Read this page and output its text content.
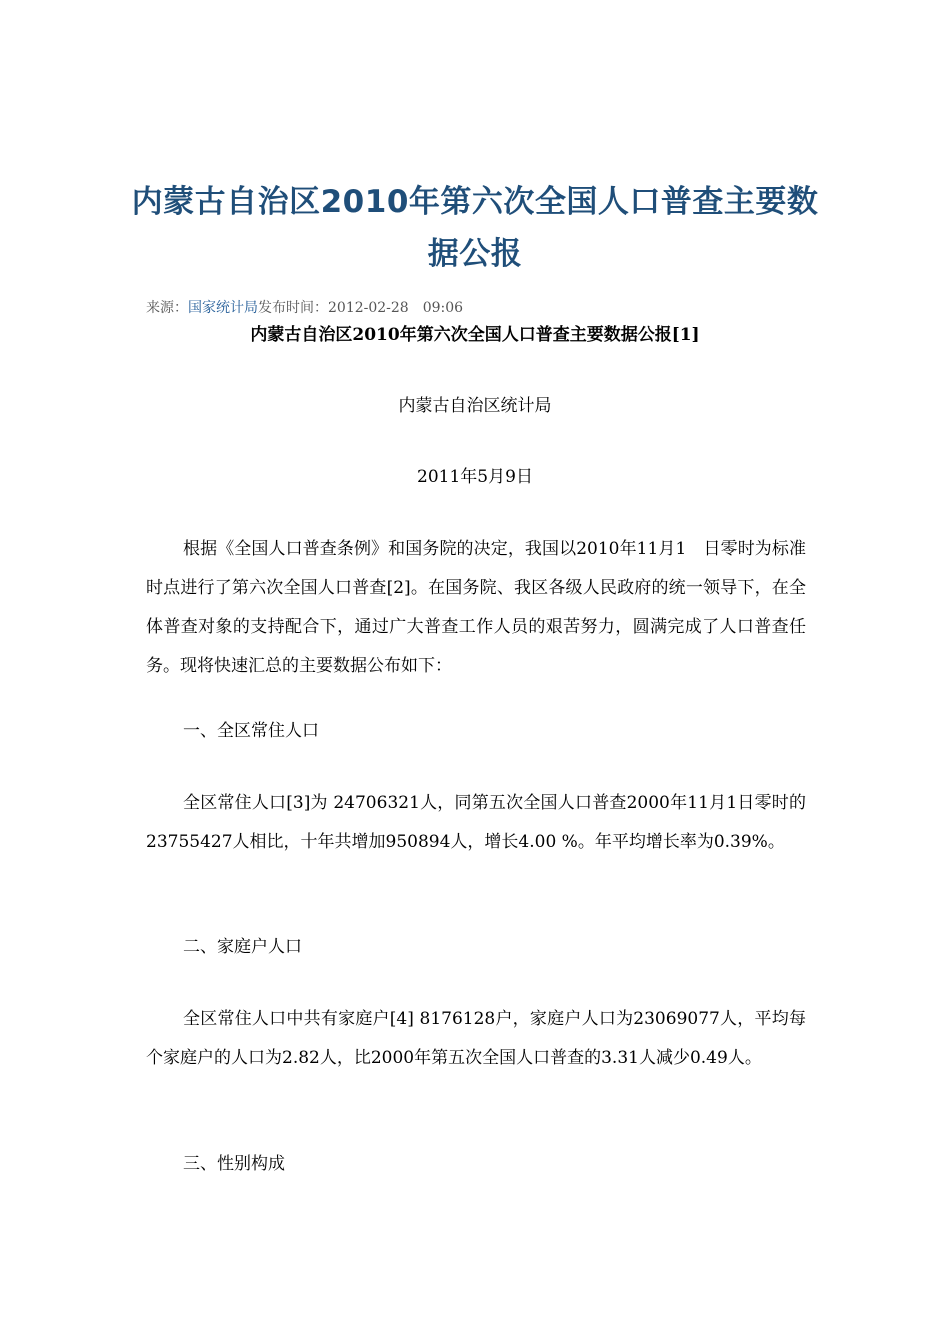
内蒙古自治区2010年第六次全国人口普查主要数据公报
来源：国家统计局发布时间：2012-02-28　09:06
内蒙古自治区2010年第六次全国人口普查主要数据公报[1]
内蒙古自治区统计局
2011年5月9日

根据《全国人口普查条例》和国务院的决定，我国以2010年11月1　日零时为标准时点进行了第六次全国人口普查[2]。在国务院、我区各级人民政府的统一领导下，在全体普查对象的支持配合下，通过广大普查工作人员的艰苦努力，圆满完成了人口普查任务。现将快速汇总的主要数据公布如下：

一、全区常住人口

全区常住人口[3]为 24706321人，同第五次全国人口普查2000年11月1日零时的23755427人相比，十年共增加950894人，增长4.00 %。年平均增长率为0.39%。

二、家庭户人口

全区常住人口中共有家庭户[4] 8176128户，家庭户人口为23069077人，平均每个家庭户的人口为2.82人，比2000年第五次全国人口普查的3.31人减少0.49人。

三、性别构成
